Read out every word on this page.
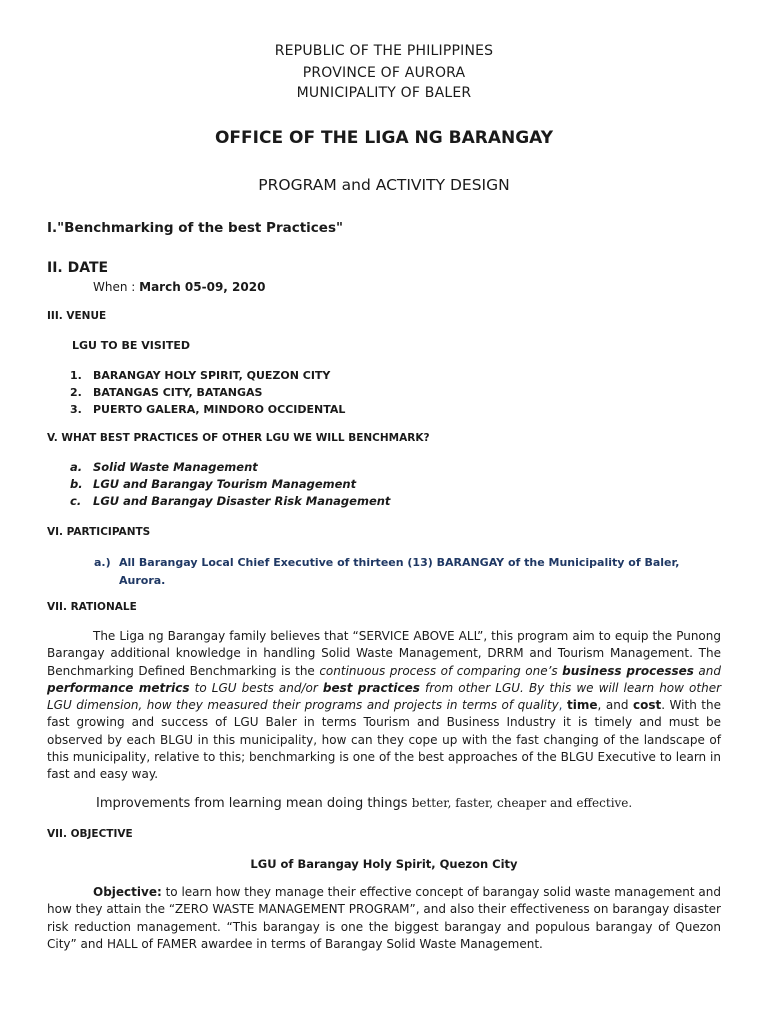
REPUBLIC OF THE PHILIPPINES
PROVINCE OF AURORA
MUNICIPALITY OF BALER
OFFICE OF THE LIGA NG BARANGAY
PROGRAM and ACTIVITY DESIGN
I."Benchmarking of the best Practices"
II. DATE
When : March 05-09, 2020
III. VENUE
LGU TO BE VISITED
1. BARANGAY HOLY SPIRIT, QUEZON CITY
2. BATANGAS CITY, BATANGAS
3. PUERTO GALERA, MINDORO OCCIDENTAL
V. WHAT BEST PRACTICES OF OTHER LGU WE WILL BENCHMARK?
a. Solid Waste Management
b. LGU and Barangay Tourism Management
c. LGU and Barangay Disaster Risk Management
VI. PARTICIPANTS
a.) All Barangay Local Chief Executive of thirteen (13) BARANGAY of the Municipality of Baler,
Aurora.
VII. RATIONALE
The Liga ng Barangay family believes that “SERVICE ABOVE ALL”, this program aim to equip the Punong Barangay additional knowledge in handling Solid Waste Management, DRRM and Tourism Management. The Benchmarking Defined Benchmarking is the continuous process of comparing one’s business processes and performance metrics to LGU bests and/or best practices from other LGU. By this we will learn how other LGU dimension, how they measured their programs and projects in terms of quality, time, and cost. With the fast growing and success of LGU Baler in terms Tourism and Business Industry it is timely and must be observed by each BLGU in this municipality, how can they cope up with the fast changing of the landscape of this municipality, relative to this; benchmarking is one of the best approaches of the BLGU Executive to learn in fast and easy way.
Improvements from learning mean doing things better, faster, cheaper and effective.
VII. OBJECTIVE
LGU of Barangay Holy Spirit, Quezon City
Objective: to learn how they manage their effective concept of barangay solid waste management and how they attain the “ZERO WASTE MANAGEMENT PROGRAM”, and also their effectiveness on barangay disaster risk reduction management. “This barangay is one the biggest barangay and populous barangay of Quezon City” and HALL of FAMER awardee in terms of Barangay Solid Waste Management.
